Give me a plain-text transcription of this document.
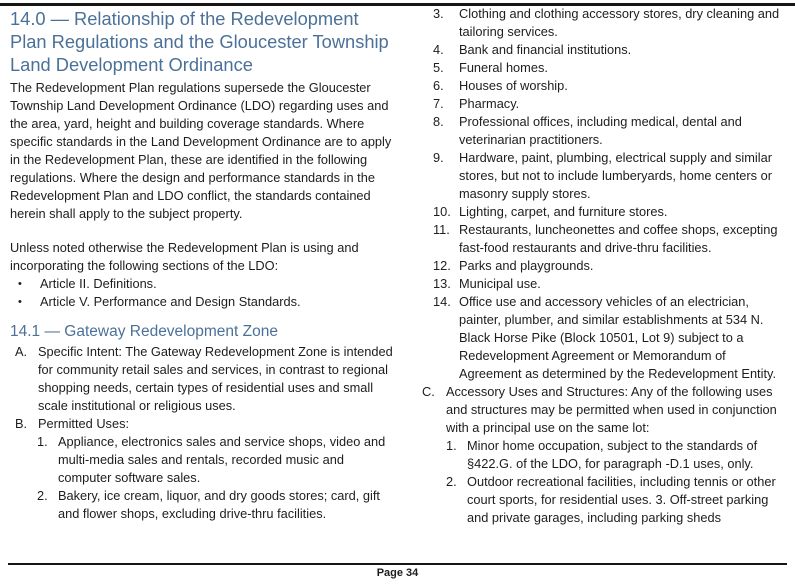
14.0 — Relationship of the Redevelopment Plan Regulations and the Gloucester Township Land Development Ordinance

The Redevelopment Plan regulations supersede the Gloucester Township Land Development Ordinance (LDO) regarding uses and the area, yard, height and building coverage standards. Where specific standards in the Land Development Ordinance are to apply in the Redevelopment Plan, these are identified in the following regulations. Where the design and performance standards in the Redevelopment Plan and LDO conflict, the standards contained herein shall apply to the subject property.

Unless noted otherwise the Redevelopment Plan is using and incorporating the following sections of the LDO:

•	Article II. Definitions.
•	Article V. Performance and Design Standards.
14.1 — Gateway Redevelopment Zone
A. Specific Intent: The Gateway Redevelopment Zone is intended for community retail sales and services, in contrast to regional shopping needs, certain types of residential uses and small scale institutional or religious uses.
B. Permitted Uses:
1. Appliance, electronics sales and service shops, video and multi-media sales and rentals, recorded music and computer software sales.
2. Bakery, ice cream, liquor, and dry goods stores; card, gift and flower shops, excluding drive-thru facilities.
3.	Clothing and clothing accessory stores, dry cleaning and tailoring services.
4.	Bank and financial institutions.
5.	Funeral homes.
6.	Houses of worship.
7.	Pharmacy.
8.	Professional offices, including medical, dental and veterinarian practitioners.
9.	Hardware, paint, plumbing, electrical supply and similar stores, but not to include lumberyards, home centers or masonry supply stores.
10. Lighting, carpet, and furniture stores.
11. Restaurants, luncheonettes and coffee shops, excepting fast-food restaurants and drive-thru facilities.
12. Parks and playgrounds.
13. Municipal use.
14. Office use and accessory vehicles of an electrician, painter, plumber, and similar establishments at 534 N. Black Horse Pike (Block 10501, Lot 9) subject to a Redevelopment Agreement or Memorandum of Agreement as determined by the Redevelopment Entity.
C. Accessory Uses and Structures: Any of the following uses and structures may be permitted when used in conjunction with a principal use on the same lot:
1. Minor home occupation, subject to the standards of §422.G. of the LDO, for paragraph -D.1 uses, only.
2. Outdoor recreational facilities, including tennis or other court sports, for residential uses. 3. Off-street parking and private garages, including parking sheds
Page 34
